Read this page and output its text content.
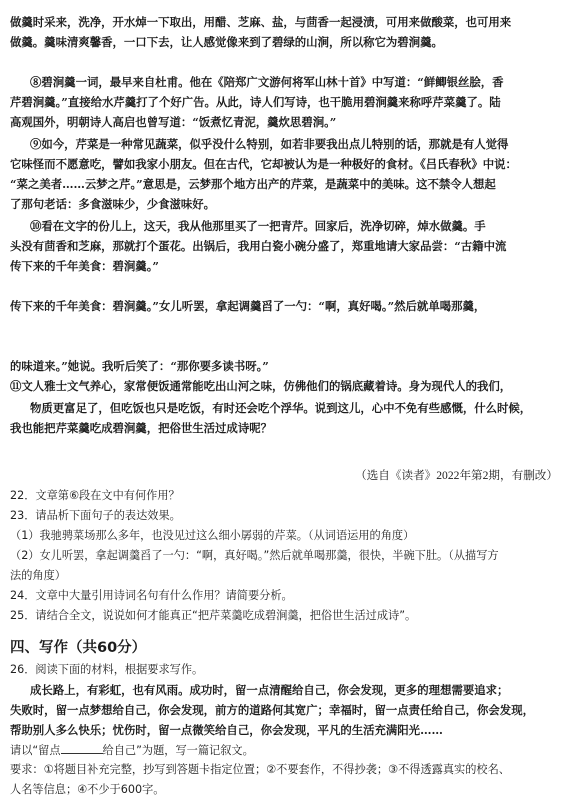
做羹时采来，洗净，开水焯一下取出，用醋、芝麻、盐，与茴香一起浸渍，可用来做酸菜，也可用来
做羹。羹味清爽馨香，一口下去，让人感觉像来到了碧绿的山涧，所以称它为碧涧羹。
⑧碧涧羹一词，最早来自杜甫。他在《陪郑广文游何将军山林十首》中写道：“鲜鲫银丝脍，香
芹碧涧羹。”直接给水芹羹打了个好广告。从此，诗人们写诗，也干脆用碧涧羹来称呼芹菜羹了。陆
高观国外，明朝诗人高启也曾写道：“饭煮忆青泥，羹炊思碧涧。”
⑨如今，芹菜是一种常见蔬菜，似乎没什么特别，如若非要我出点儿特别的话，那就是有人觉得
它味怪而不愿意吃，譬如我家小朋友。但在古代，它却被认为是一种极好的食材。《吕氏春秋》中说：
“菜之美者……云梦之芹。”意思是，云梦那个地方出产的芹菜，是蔬菜中的美味。这不禁令人想起
了那句老话：多食滋味少，少食滋味好。
⑩看在文字的份儿上，这天，我从他那里买了一把青芹。回家后，洗净切碎，焯水做羹。手
头没有茴香和芝麻，那就打个蛋花。出锅后，我用白瓷小碗分盛了，郑重地请大家品尝：“古籍中流
传下来的千年美食：碧涧羹。”
传下来的千年美食：碧涧羹。”女儿听罢，拿起调羹舀了一勺：“啊，真好喝。”然后就单喝那羹，
的味道来。”她说。我听后笑了：“那你要多读书呀。”
⑪文人雅士文气养心，家常便饭通常能吃出山河之味，仿佛他们的锅底藏着诗。身为现代人的我们，
物质更富足了，但吃饭也只是吃饭，有时还会吃个浮华。说到这儿，心中不免有些感慨，什么时候，
我也能把芹菜羹吃成碧涧羹，把俗世生活过成诗呢？
（选自《读者》2022年第2期，有删改）
22．文章第⑥段在文中有何作用？
23．请品析下面句子的表达效果。
（1）我驰骋菜场那么多年，也没见过这么细小孱弱的芹菜。（从词语运用的角度）
（2）女儿听罢，拿起调羹舀了一勺：“啊，真好喝。”然后就单喝那羹，很快，半碗下肚。（从描写方
法的角度）
24．文章中大量引用诗词名句有什么作用？请简要分析。
25．请结合全文，说说如何才能真正“把芹菜羹吃成碧涧羹，把俗世生活过成诗”。
四、写作（共60分）
26．阅读下面的材料，根据要求写作。
成长路上，有彩虹，也有风雨。成功时，留一点清醒给自己，你会发现，更多的理想需要追求；
失败时，留一点梦想给自己，你会发现，前方的道路何其宽广；幸福时，留一点责任给自己，你会发现，
帮助别人多么快乐；忧伤时，留一点微笑给自己，你会发现，平凡的生活充满阳光……
请以“留点	给自己”为题，写一篇记叙文。
要求：①将题目补充完整，抄写到答题卡指定位置；②不要套作，不得抄袭；③不得透露真实的校名、
人名等信息；④不少于600字。
